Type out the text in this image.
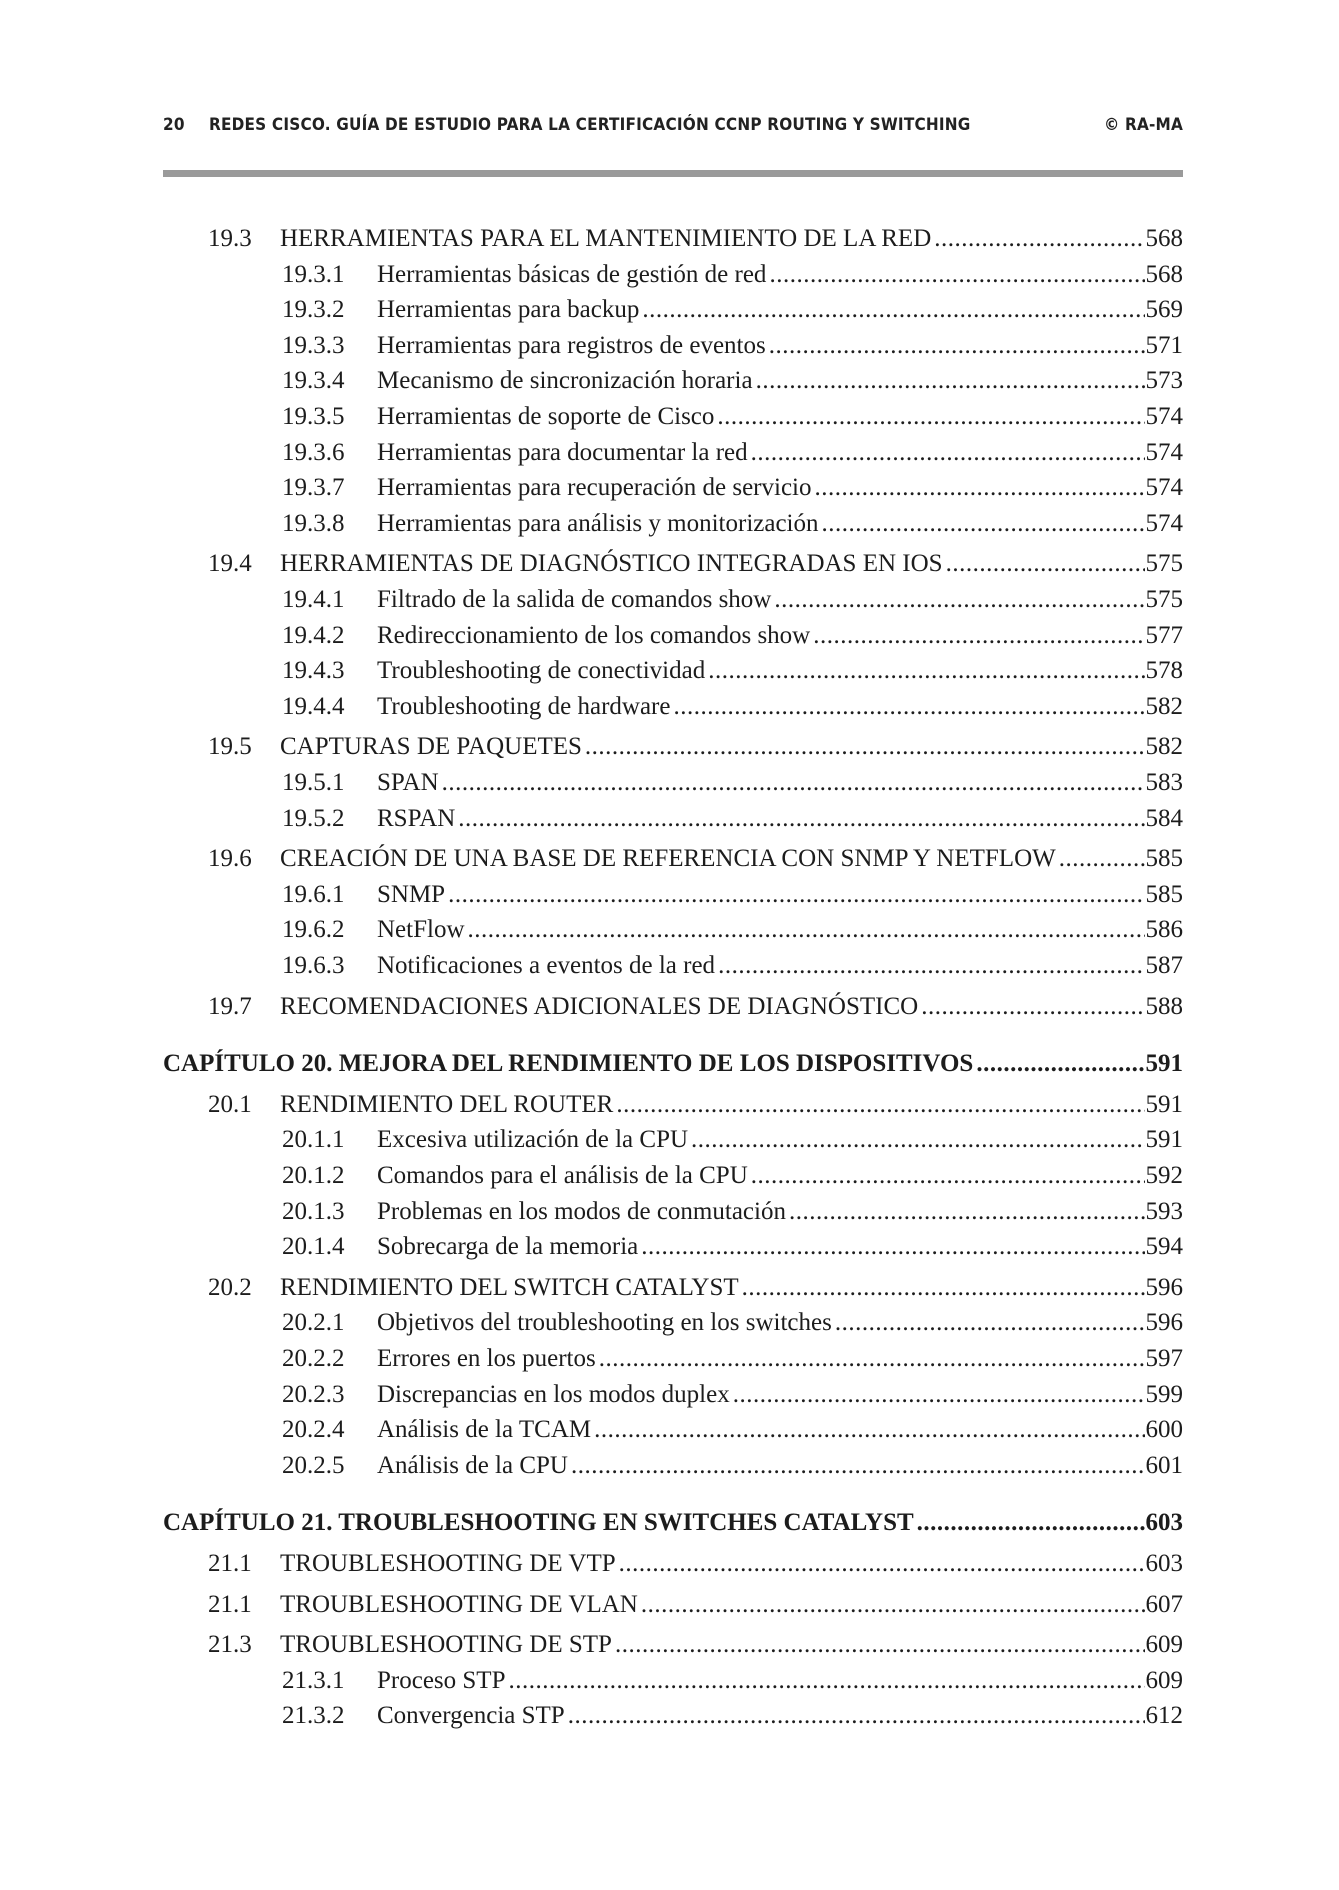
20 REDES CISCO. GUÍA DE ESTUDIO PARA LA CERTIFICACIÓN CCNP ROUTING Y SWITCHING	© RA-MA
19.3	HERRAMIENTAS PARA EL MANTENIMIENTO DE LA RED .....	568
19.3.1	Herramientas básicas de gestión de red .....	568
19.3.2	Herramientas para backup .....	569
19.3.3	Herramientas para registros de eventos .....	571
19.3.4	Mecanismo de sincronización horaria .....	573
19.3.5	Herramientas de soporte de Cisco .....	574
19.3.6	Herramientas para documentar la red .....	574
19.3.7	Herramientas para recuperación de servicio .....	574
19.3.8	Herramientas para análisis y monitorización .....	574
19.4	HERRAMIENTAS DE DIAGNÓSTICO INTEGRADAS EN IOS .....	575
19.4.1	Filtrado de la salida de comandos show .....	575
19.4.2	Redireccionamiento de los comandos show .....	577
19.4.3	Troubleshooting de conectividad .....	578
19.4.4	Troubleshooting de hardware .....	582
19.5	CAPTURAS DE PAQUETES .....	582
19.5.1	SPAN .....	583
19.5.2	RSPAN .....	584
19.6	CREACIÓN DE UNA BASE DE REFERENCIA CON SNMP Y NETFLOW .....	585
19.6.1	SNMP .....	585
19.6.2	NetFlow .....	586
19.6.3	Notificaciones a eventos de la red .....	587
19.7	RECOMENDACIONES ADICIONALES DE DIAGNÓSTICO .....	588
CAPÍTULO 20. MEJORA DEL RENDIMIENTO DE LOS DISPOSITIVOS .....	591
20.1	RENDIMIENTO DEL ROUTER .....	591
20.1.1	Excesiva utilización de la CPU .....	591
20.1.2	Comandos para el análisis de la CPU .....	592
20.1.3	Problemas en los modos de conmutación .....	593
20.1.4	Sobrecarga de la memoria .....	594
20.2	RENDIMIENTO DEL SWITCH CATALYST .....	596
20.2.1	Objetivos del troubleshooting en los switches .....	596
20.2.2	Errores en los puertos .....	597
20.2.3	Discrepancias en los modos duplex .....	599
20.2.4	Análisis de la TCAM .....	600
20.2.5	Análisis de la CPU .....	601
CAPÍTULO 21. TROUBLESHOOTING EN SWITCHES CATALYST .....	603
21.1	TROUBLESHOOTING DE VTP .....	603
21.1	TROUBLESHOOTING DE VLAN .....	607
21.3	TROUBLESHOOTING DE STP .....	609
21.3.1	Proceso STP .....	609
21.3.2	Convergencia STP .....	612
